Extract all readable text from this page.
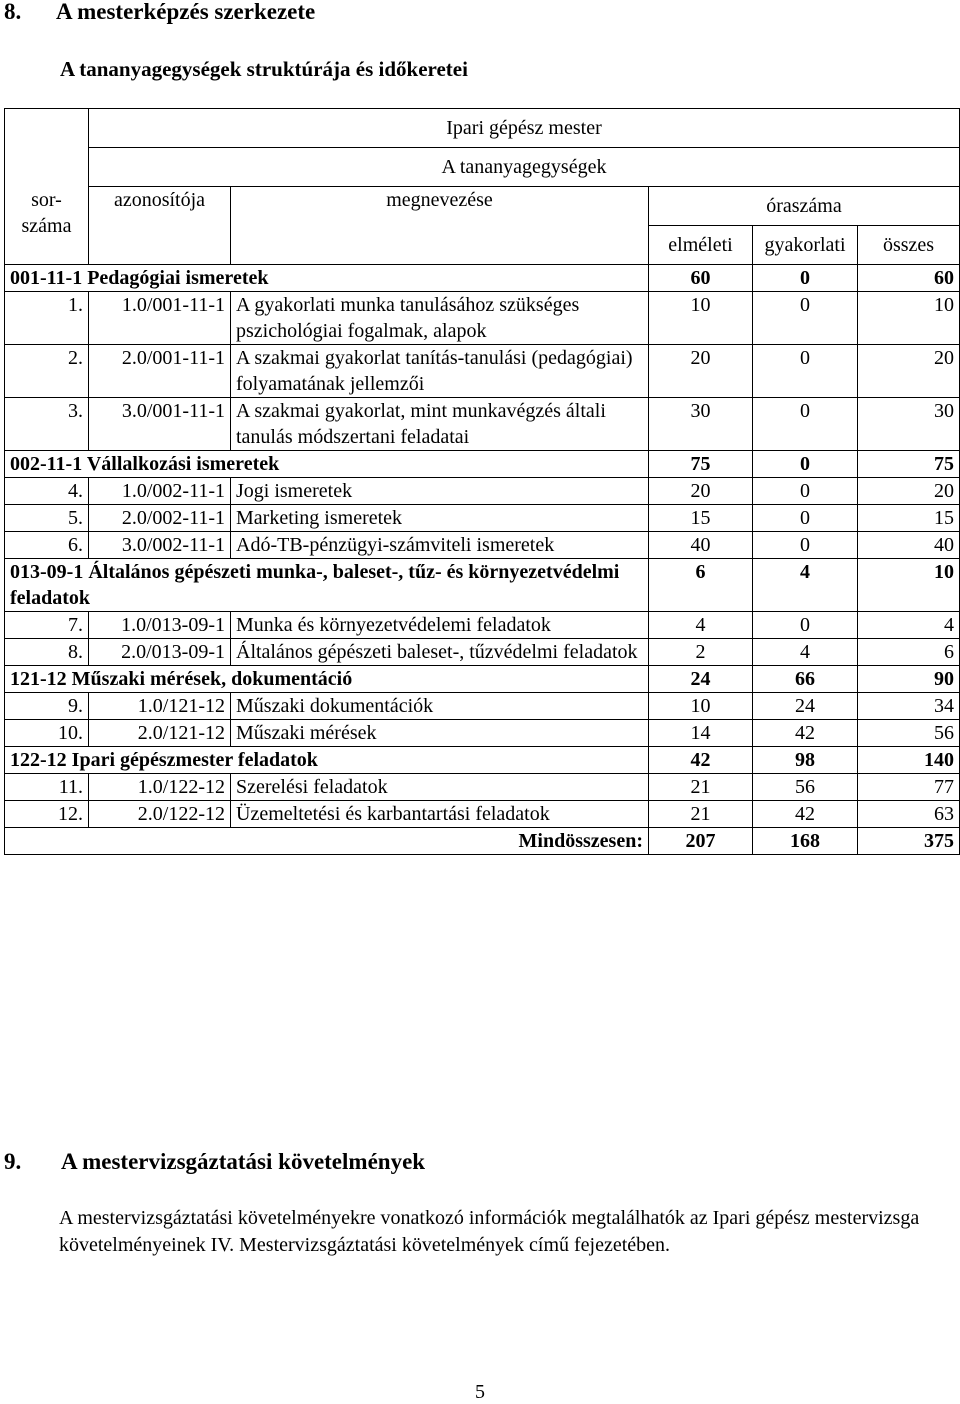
8. A mesterképzés szerkezete

A tananyagegységek struktúrája és időkeretei

	Ipari gépész mester				
	A tananyagegységek				
sor-
száma	azonosítója	megnevezése	óraszáma		
			elméleti	gyakorlati	összes
001-11-1 Pedagógiai ismeretek			60	0	60
1.	1.0/001-11-1	A gyakorlati munka tanulásához szükséges pszichológiai fogalmak, alapok	10	0	10
2.	2.0/001-11-1	A szakmai gyakorlat tanítás-tanulási (pedagógiai) folyamatának jellemzői	20	0	20
3.	3.0/001-11-1	A szakmai gyakorlat, mint munkavégzés általi tanulás módszertani feladatai	30	0	30
002-11-1 Vállalkozási ismeretek			75	0	75
4.	1.0/002-11-1	Jogi ismeretek	20	0	20
5.	2.0/002-11-1	Marketing ismeretek	15	0	15
6.	3.0/002-11-1	Adó-TB-pénzügyi-számviteli ismeretek	40	0	40
013-09-1 Általános gépészeti munka-, baleset-, tűz- és környezetvédelmi feladatok			6	4	10
7.	1.0/013-09-1	Munka és környezetvédelemi feladatok	4	0	4
8.	2.0/013-09-1	Általános gépészeti baleset-, tűzvédelmi feladatok	2	4	6
121-12 Műszaki mérések, dokumentáció			24	66	90
9.	1.0/121-12	Műszaki dokumentációk	10	24	34
10.	2.0/121-12	Műszaki mérések	14	42	56
122-12 Ipari gépészmester feladatok			42	98	140
11.	1.0/122-12	Szerelési feladatok	21	56	77
12.	2.0/122-12	Üzemeltetési és karbantartási feladatok	21	42	63
Mindösszesen:			207	168	375
9. A mestervizsgáztatási követelmények

A mestervizsgáztatási követelményekre vonatkozó információk megtalálhatók az Ipari gépész mestervizsga követelményeinek IV. Mestervizsgáztatási követelmények című fejezetében.

5
